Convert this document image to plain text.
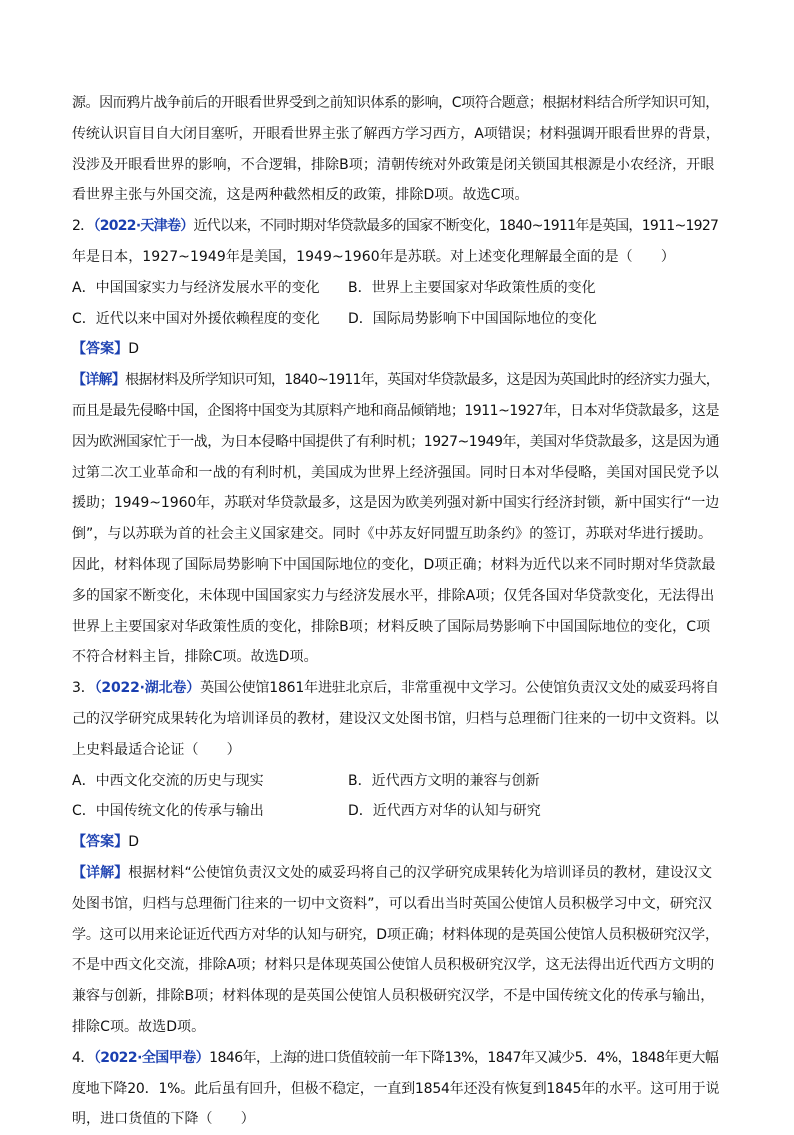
源。因而鸦片战争前后的开眼看世界受到之前知识体系的影响，C项符合题意；根据材料结合所学知识可知，
传统认识盲目自大闭目塞听，开眼看世界主张了解西方学习西方，A项错误；材料强调开眼看世界的背景，
没涉及开眼看世界的影响，不合逻辑，排除B项；清朝传统对外政策是闭关锁国其根源是小农经济，开眼
看世界主张与外国交流，这是两种截然相反的政策，排除D项。故选C项。
2．（2022·天津卷）近代以来，不同时期对华贷款最多的国家不断变化，1840~1911年是英国，1911~1927
年是日本，1927~1949年是美国，1949~1960年是苏联。对上述变化理解最全面的是（　　）
A．中国国家实力与经济发展水平的变化	B．世界上主要国家对华政策性质的变化
C．近代以来中国对外援依赖程度的变化	D．国际局势影响下中国国际地位的变化
【答案】D
【详解】根据材料及所学知识可知，1840~1911年，英国对华贷款最多，这是因为英国此时的经济实力强大，
而且是最先侵略中国，企图将中国变为其原料产地和商品倾销地；1911~1927年，日本对华贷款最多，这是
因为欧洲国家忙于一战，为日本侵略中国提供了有利时机；1927~1949年，美国对华贷款最多，这是因为通
过第二次工业革命和一战的有利时机，美国成为世界上经济强国。同时日本对华侵略，美国对国民党予以
援助；1949~1960年，苏联对华贷款最多，这是因为欧美列强对新中国实行经济封锁，新中国实行“一边
倒”，与以苏联为首的社会主义国家建交。同时《中苏友好同盟互助条约》的签订，苏联对华进行援助。
因此，材料体现了国际局势影响下中国国际地位的变化，D项正确；材料为近代以来不同时期对华贷款最
多的国家不断变化，未体现中国国家实力与经济发展水平，排除A项；仅凭各国对华贷款变化，无法得出
世界上主要国家对华政策性质的变化，排除B项；材料反映了国际局势影响下中国国际地位的变化，C项
不符合材料主旨，排除C项。故选D项。
3．（2022·湖北卷）英国公使馆1861年进驻北京后，非常重视中文学习。公使馆负责汉文处的威妥玛将自
己的汉学研究成果转化为培训译员的教材，建设汉文处图书馆，归档与总理衙门往来的一切中文资料。以
上史料最适合论证（　　）
A．中西文化交流的历史与现实	B．近代西方文明的兼容与创新
C．中国传统文化的传承与输出	D．近代西方对华的认知与研究
【答案】D
【详解】根据材料“公使馆负责汉文处的威妥玛将自己的汉学研究成果转化为培训译员的教材，建设汉文
处图书馆，归档与总理衙门往来的一切中文资料”，可以看出当时英国公使馆人员积极学习中文，研究汉
学。这可以用来论证近代西方对华的认知与研究，D项正确；材料体现的是英国公使馆人员积极研究汉学，
不是中西文化交流，排除A项；材料只是体现英国公使馆人员积极研究汉学，这无法得出近代西方文明的
兼容与创新，排除B项；材料体现的是英国公使馆人员积极研究汉学，不是中国传统文化的传承与输出，
排除C项。故选D项。
4．（2022·全国甲卷）1846年，上海的进口货值较前一年下降13%，1847年又减少5．4%，1848年更大幅
度地下降20．1%。此后虽有回升，但极不稳定，一直到1854年还没有恢复到1845年的水平。这可用于说
明，进口货值的下降（　　）
